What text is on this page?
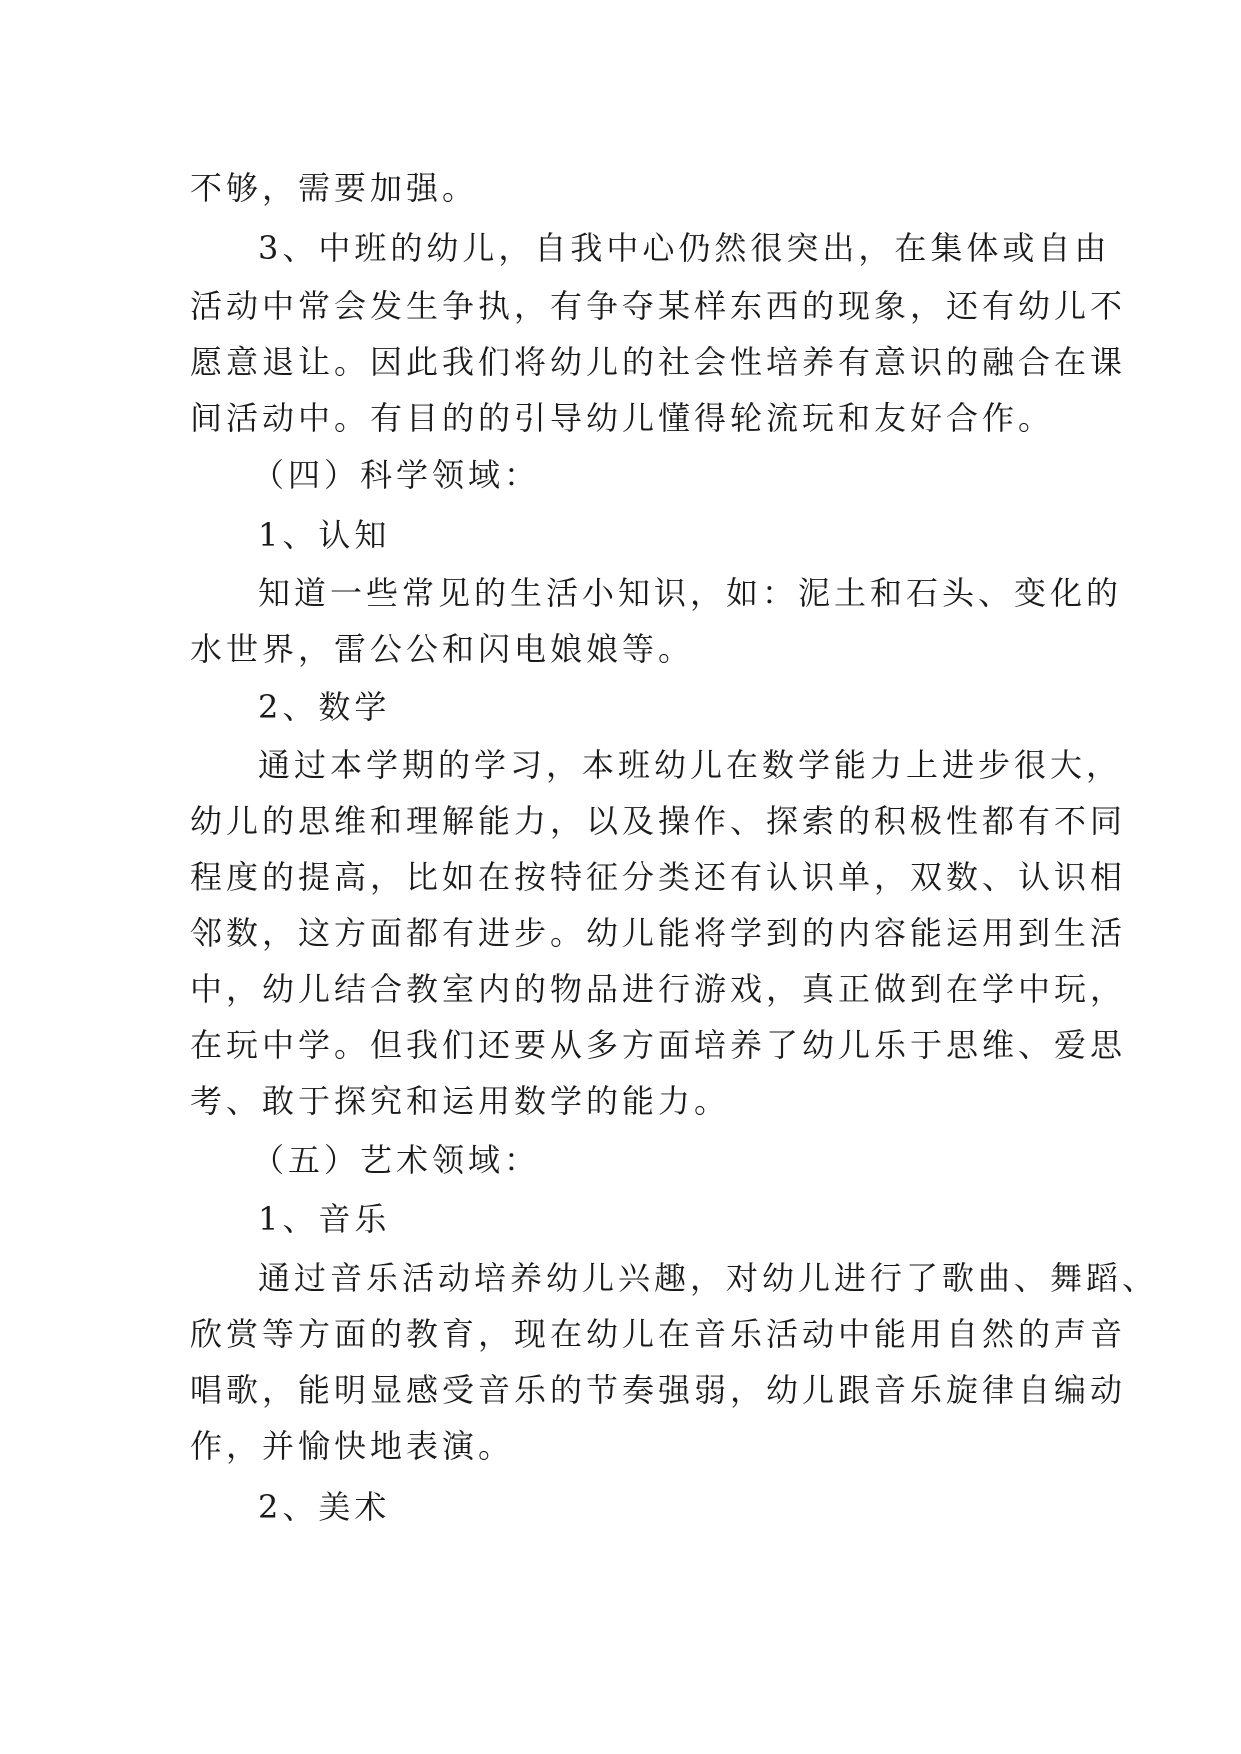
不够，需要加强。
3、中班的幼儿，自我中心仍然很突出，在集体或自由
活动中常会发生争执，有争夺某样东西的现象，还有幼儿不
愿意退让。因此我们将幼儿的社会性培养有意识的融合在课
间活动中。有目的的引导幼儿懂得轮流玩和友好合作。
（四）科学领域：
1、认知
知道一些常见的生活小知识，如：泥土和石头、变化的
水世界，雷公公和闪电娘娘等。
2、数学
通过本学期的学习，本班幼儿在数学能力上进步很大，
幼儿的思维和理解能力，以及操作、探索的积极性都有不同
程度的提高，比如在按特征分类还有认识单，双数、认识相
邻数，这方面都有进步。幼儿能将学到的内容能运用到生活
中，幼儿结合教室内的物品进行游戏，真正做到在学中玩，
在玩中学。但我们还要从多方面培养了幼儿乐于思维、爱思
考、敢于探究和运用数学的能力。
（五）艺术领域：
1、音乐
通过音乐活动培养幼儿兴趣，对幼儿进行了歌曲、舞蹈、
欣赏等方面的教育，现在幼儿在音乐活动中能用自然的声音
唱歌，能明显感受音乐的节奏强弱，幼儿跟音乐旋律自编动
作，并愉快地表演。
2、美术
